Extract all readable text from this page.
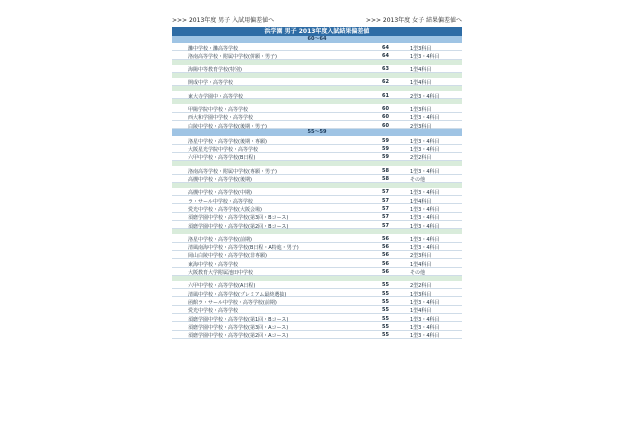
>>> 2013年度 男子 入試用偏差値へ	>>> 2013年度 女子 結果偏差値へ
浜学園 男子 2013年度入試結果偏差値
60～64
灘中学校・灘高等学校	64	1型3科目
洛南高等学校・附属中学校(併願・男子)	64	1型3・4科目
海陽中等教育学校(特別)	63	1型4科目
開成中学・高等学校	62	1型4科目
東大寺学園中・高等学校	61	2型3・4科目
甲陽学院中学校・高等学校	60	1型3科目
西大和学園中学校・高等学校	60	1型3・4科目
白陵中学校・高等学校(後期・男子)	60	2型3科目
55～59
洛星中学校・高等学校(後期・専願)	59	1型3・4科目
大阪星光学院中学校・高等学校	59	1型3・4科目
六甲中学校・高等学校(B日程)	59	2型2科目
洛南高等学校・附属中学校(専願・男子)	58	1型3・4科目
高槻中学校・高等学校(後期)	58	その他
高槻中学校・高等学校(中期)	57	1型3・4科目
ラ・サール中学校・高等学校	57	1型4科目
愛光中学校・高等学校(大阪会場)	57	1型3・4科目
須磨学園中学校・高等学校(第3回・Bコース)	57	1型3・4科目
須磨学園中学校・高等学校(第2回・Bコース)	57	1型3・4科目
洛星中学校・高等学校(前期)	56	1型3・4科目
清風南海中学校・高等学校(B日程・A特進・男子)	56	1型3・4科目
岡山白陵中学校・高等学校(非専願)	56	2型3科目
東海中学校・高等学校	56	1型4科目
大阪教育大学附属池田中学校	56	その他
六甲中学校・高等学校(A日程)	55	2型2科目
清風中学校・高等学校(プレミアム最終選抜)	55	1型3科目
函館ラ・サール中学校・高等学校(前期)	55	1型3・4科目
愛光中学校・高等学校	55	1型4科目
須磨学園中学校・高等学校(第1回・Bコース)	55	1型3・4科目
須磨学園中学校・高等学校(第3回・Aコース)	55	1型3・4科目
須磨学園中学校・高等学校(第2回・Aコース)	55	1型3・4科目
